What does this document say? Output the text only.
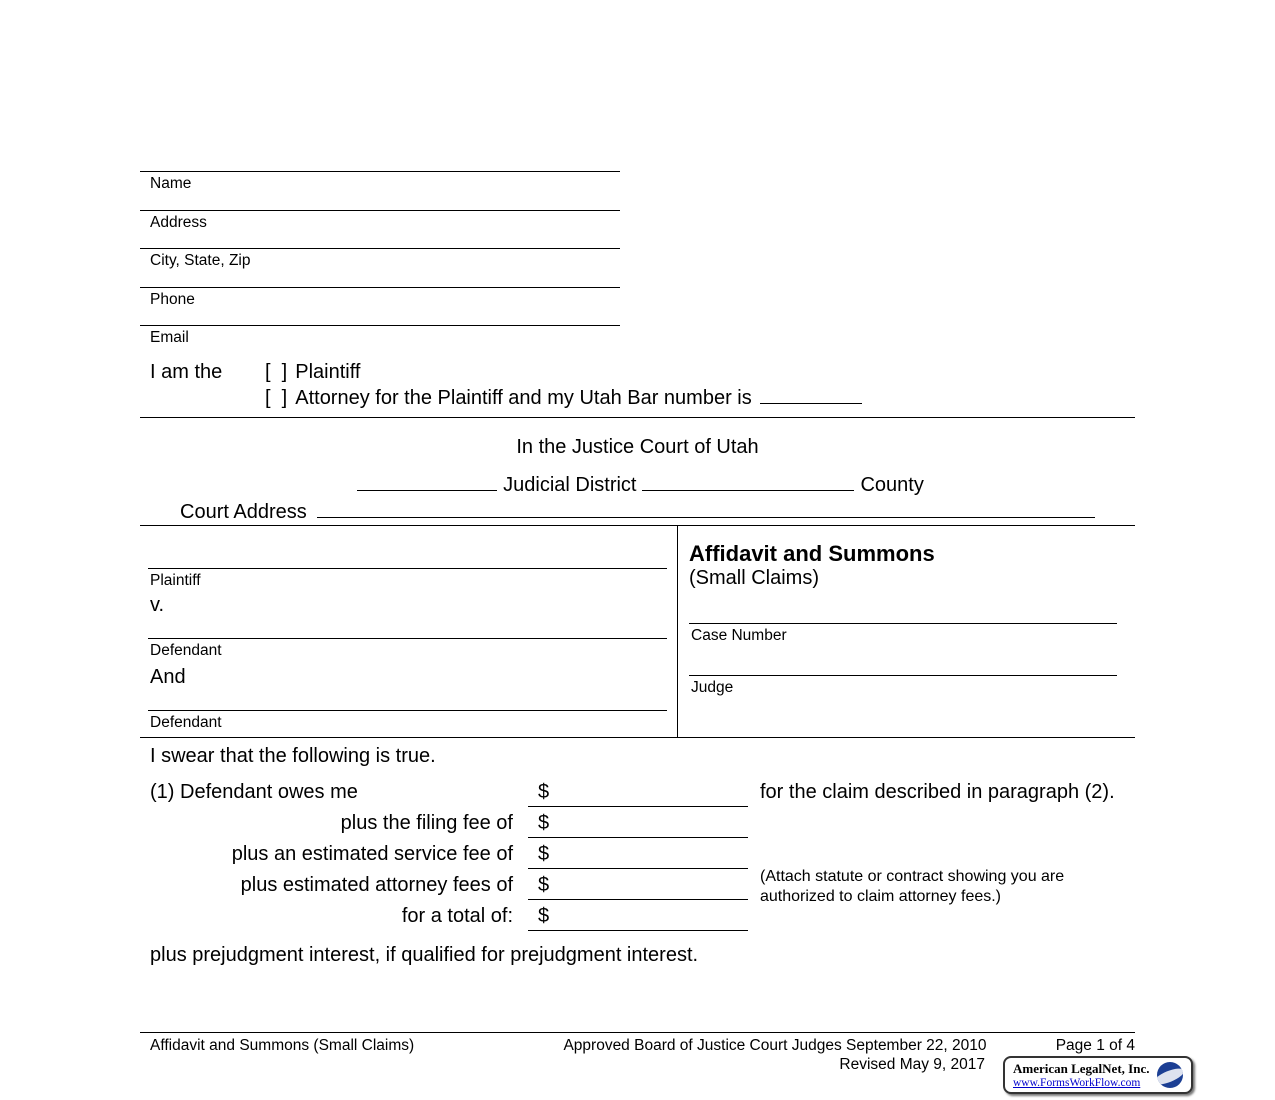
Name
Address
City, State, Zip
Phone
Email
I am the	[  ] Plaintiff
[  ] Attorney for the Plaintiff and my Utah Bar number is
In the Justice Court of Utah
Judicial District	County
Court Address
Plaintiff
v.
Defendant
And
Defendant
Affidavit and Summons
(Small Claims)
Case Number
Judge
I swear that the following is true.
(1) Defendant owes me	$	for the claim described in paragraph (2).
plus the filing fee of	$
plus an estimated service fee of	$
plus estimated attorney fees of	$
for a total of:	$
(Attach statute or contract showing you are
authorized to claim attorney fees.)
plus prejudgment interest, if qualified for prejudgment interest.
Affidavit and Summons (Small Claims)	Approved Board of Justice Court Judges September 22, 2010
Revised May 9, 2017
Page 1 of 4
American LegalNet, Inc.
www.FormsWorkFlow.com
